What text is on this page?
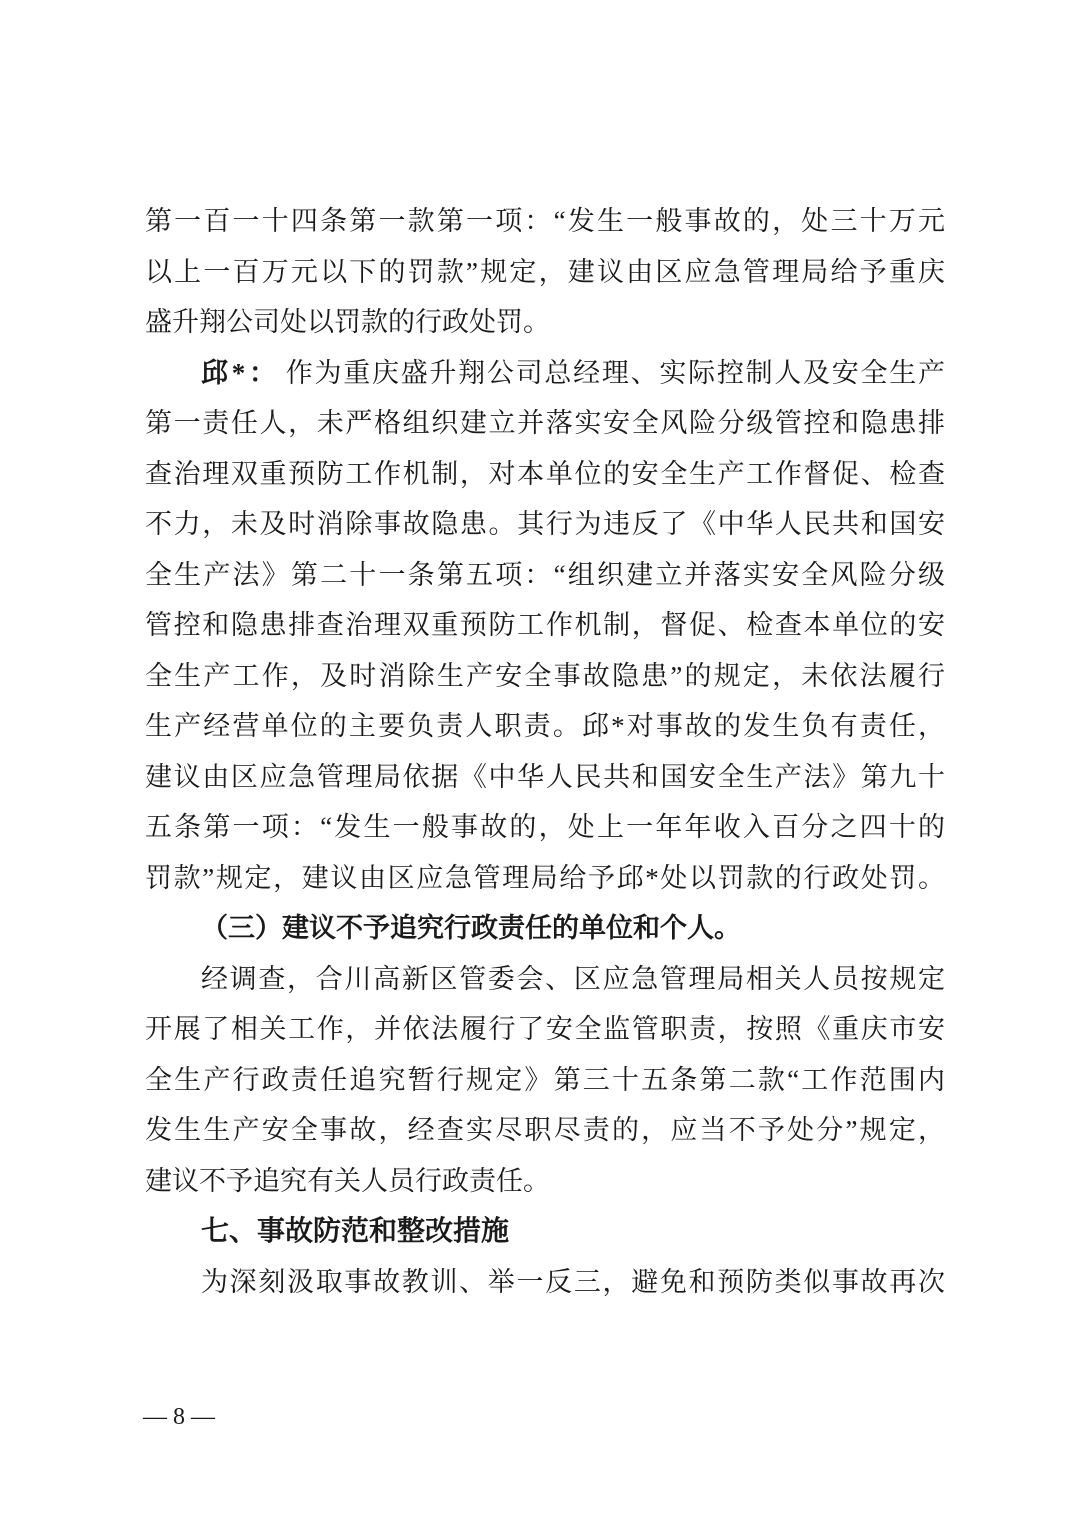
第一百一十四条第一款第一项：“发生一般事故的，处三十万元
以上一百万元以下的罚款”规定，建议由区应急管理局给予重庆
盛升翔公司处以罚款的行政处罚。
邱*： 作为重庆盛升翔公司总经理、实际控制人及安全生产
第一责任人，未严格组织建立并落实安全风险分级管控和隐患排
查治理双重预防工作机制，对本单位的安全生产工作督促、检查
不力，未及时消除事故隐患。其行为违反了《中华人民共和国安
全生产法》第二十一条第五项：“组织建立并落实安全风险分级
管控和隐患排查治理双重预防工作机制，督促、检查本单位的安
全生产工作，及时消除生产安全事故隐患”的规定，未依法履行
生产经营单位的主要负责人职责。邱*对事故的发生负有责任，
建议由区应急管理局依据《中华人民共和国安全生产法》第九十
五条第一项：“发生一般事故的，处上一年年收入百分之四十的
罚款”规定，建议由区应急管理局给予邱*处以罚款的行政处罚。
（三）建议不予追究行政责任的单位和个人。
经调查，合川高新区管委会、区应急管理局相关人员按规定
开展了相关工作，并依法履行了安全监管职责，按照《重庆市安
全生产行政责任追究暂行规定》第三十五条第二款“工作范围内
发生生产安全事故，经查实尽职尽责的，应当不予处分”规定，
建议不予追究有关人员行政责任。
七、事故防范和整改措施
为深刻汲取事故教训、举一反三，避免和预防类似事故再次
— 8 —
